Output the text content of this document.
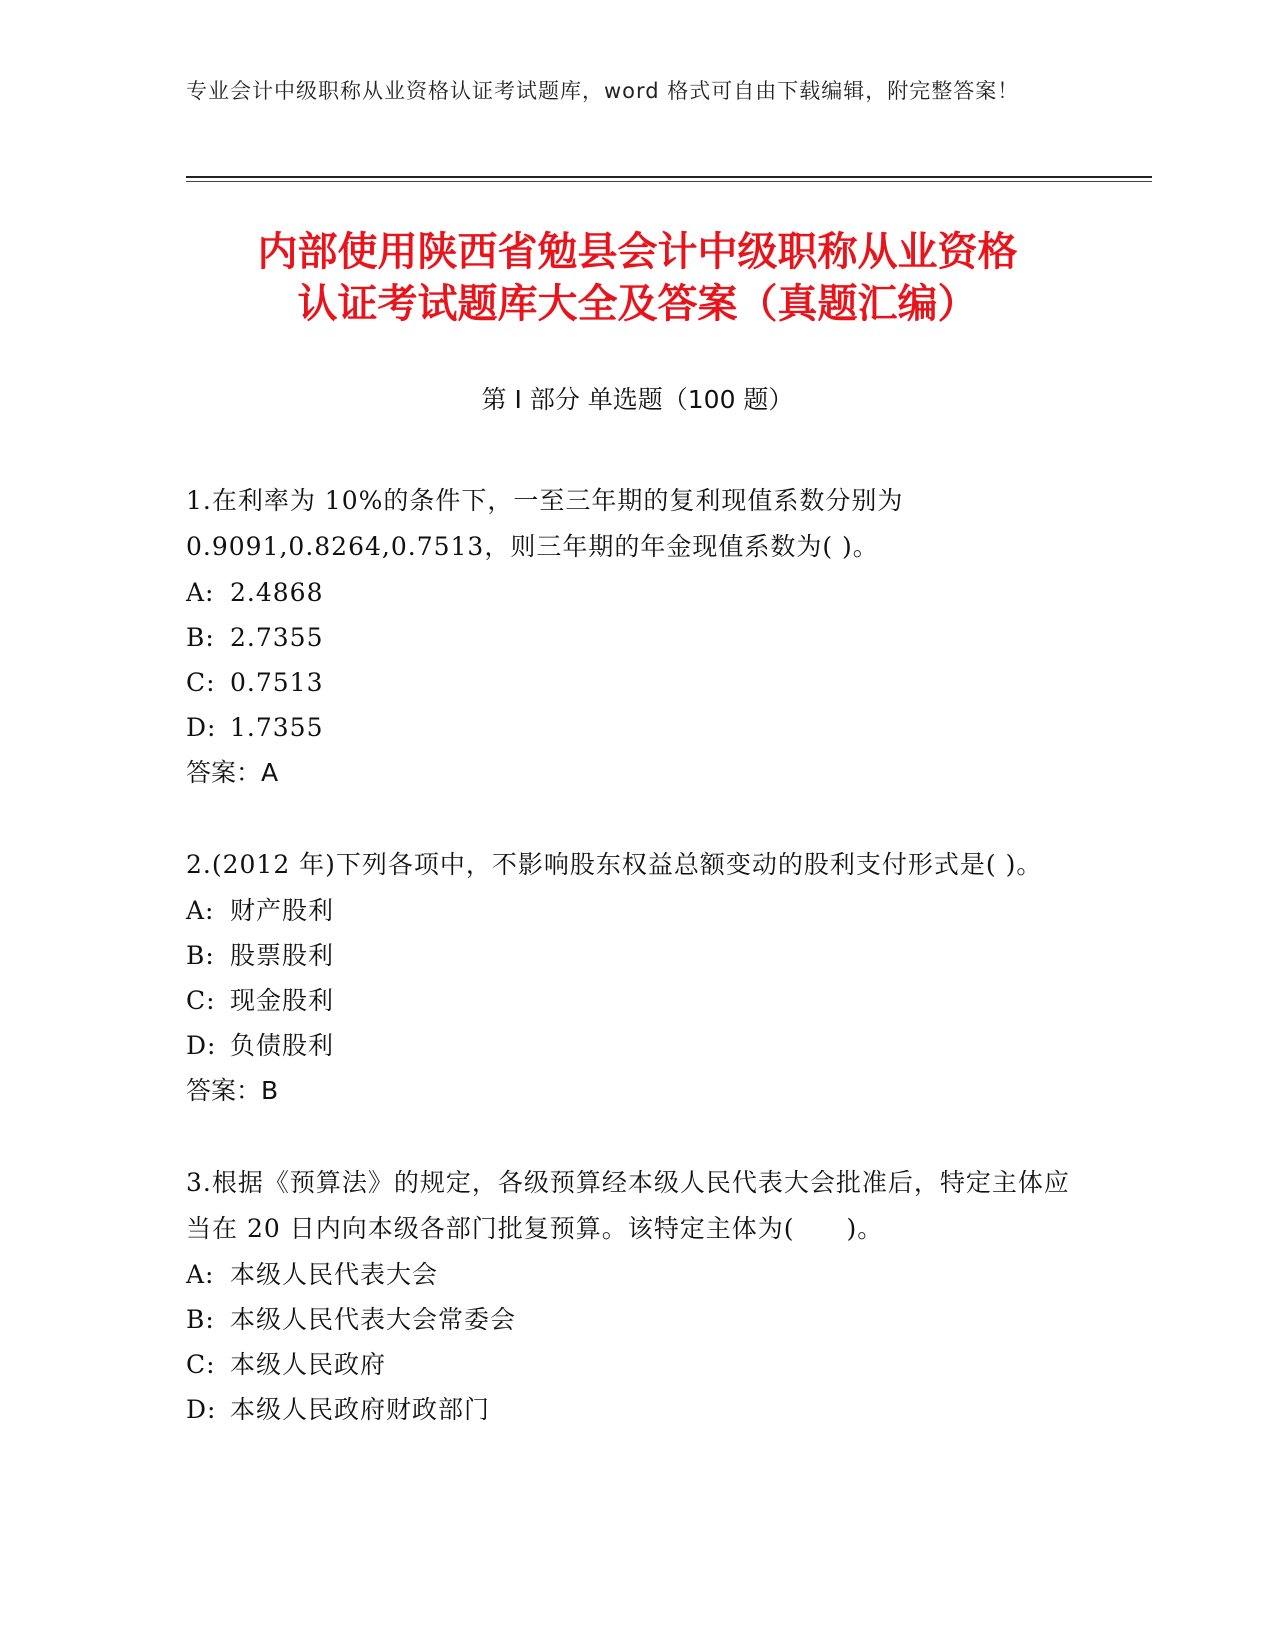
专业会计中级职称从业资格认证考试题库，word 格式可自由下载编辑，附完整答案！
内部使用陕西省勉县会计中级职称从业资格
认证考试题库大全及答案（真题汇编）
第 I 部分 单选题（100 题）
1.在利率为 10%的条件下，一至三年期的复利现值系数分别为 0.9091,0.8264,0.7513，则三年期的年金现值系数为( )。
A: 2.4868
B: 2.7355
C: 0.7513
D: 1.7355
答案：A
2.(2012 年)下列各项中，不影响股东权益总额变动的股利支付形式是( )。
A: 财产股利
B: 股票股利
C: 现金股利
D: 负债股利
答案：B
3.根据《预算法》的规定，各级预算经本级人民代表大会批准后，特定主体应当在 20 日内向本级各部门批复预算。该特定主体为(　　)。
A: 本级人民代表大会
B: 本级人民代表大会常委会
C: 本级人民政府
D: 本级人民政府财政部门
